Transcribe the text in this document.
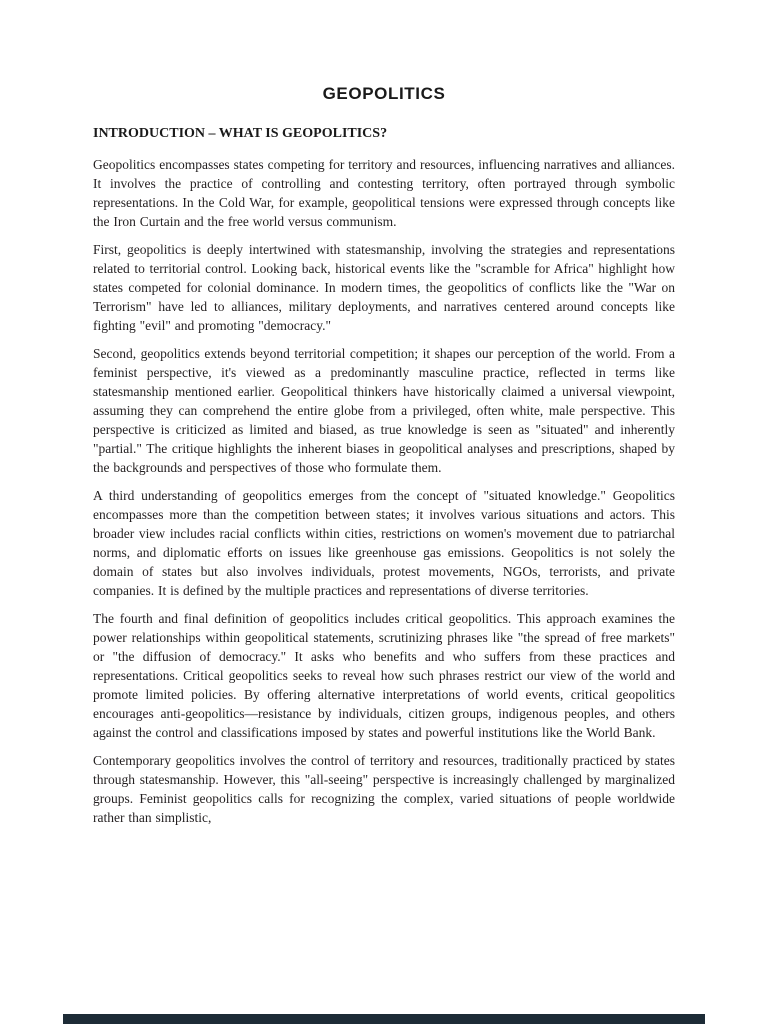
GEOPOLITICS
INTRODUCTION – WHAT IS GEOPOLITICS?

Geopolitics encompasses states competing for territory and resources, influencing narratives and alliances. It involves the practice of controlling and contesting territory, often portrayed through symbolic representations. In the Cold War, for example, geopolitical tensions were expressed through concepts like the Iron Curtain and the free world versus communism.

First, geopolitics is deeply intertwined with statesmanship, involving the strategies and representations related to territorial control. Looking back, historical events like the "scramble for Africa" highlight how states competed for colonial dominance. In modern times, the geopolitics of conflicts like the "War on Terrorism" have led to alliances, military deployments, and narratives centered around concepts like fighting "evil" and promoting "democracy."

Second, geopolitics extends beyond territorial competition; it shapes our perception of the world. From a feminist perspective, it's viewed as a predominantly masculine practice, reflected in terms like statesmanship mentioned earlier. Geopolitical thinkers have historically claimed a universal viewpoint, assuming they can comprehend the entire globe from a privileged, often white, male perspective. This perspective is criticized as limited and biased, as true knowledge is seen as "situated" and inherently "partial." The critique highlights the inherent biases in geopolitical analyses and prescriptions, shaped by the backgrounds and perspectives of those who formulate them.

A third understanding of geopolitics emerges from the concept of "situated knowledge." Geopolitics encompasses more than the competition between states; it involves various situations and actors. This broader view includes racial conflicts within cities, restrictions on women's movement due to patriarchal norms, and diplomatic efforts on issues like greenhouse gas emissions. Geopolitics is not solely the domain of states but also involves individuals, protest movements, NGOs, terrorists, and private companies. It is defined by the multiple practices and representations of diverse territories.

The fourth and final definition of geopolitics includes critical geopolitics. This approach examines the power relationships within geopolitical statements, scrutinizing phrases like "the spread of free markets" or "the diffusion of democracy." It asks who benefits and who suffers from these practices and representations. Critical geopolitics seeks to reveal how such phrases restrict our view of the world and promote limited policies. By offering alternative interpretations of world events, critical geopolitics encourages anti-geopolitics—resistance by individuals, citizen groups, indigenous peoples, and others against the control and classifications imposed by states and powerful institutions like the World Bank.

Contemporary geopolitics involves the control of territory and resources, traditionally practiced by states through statesmanship. However, this "all-seeing" perspective is increasingly challenged by marginalized groups. Feminist geopolitics calls for recognizing the complex, varied situations of people worldwide rather than simplistic,
